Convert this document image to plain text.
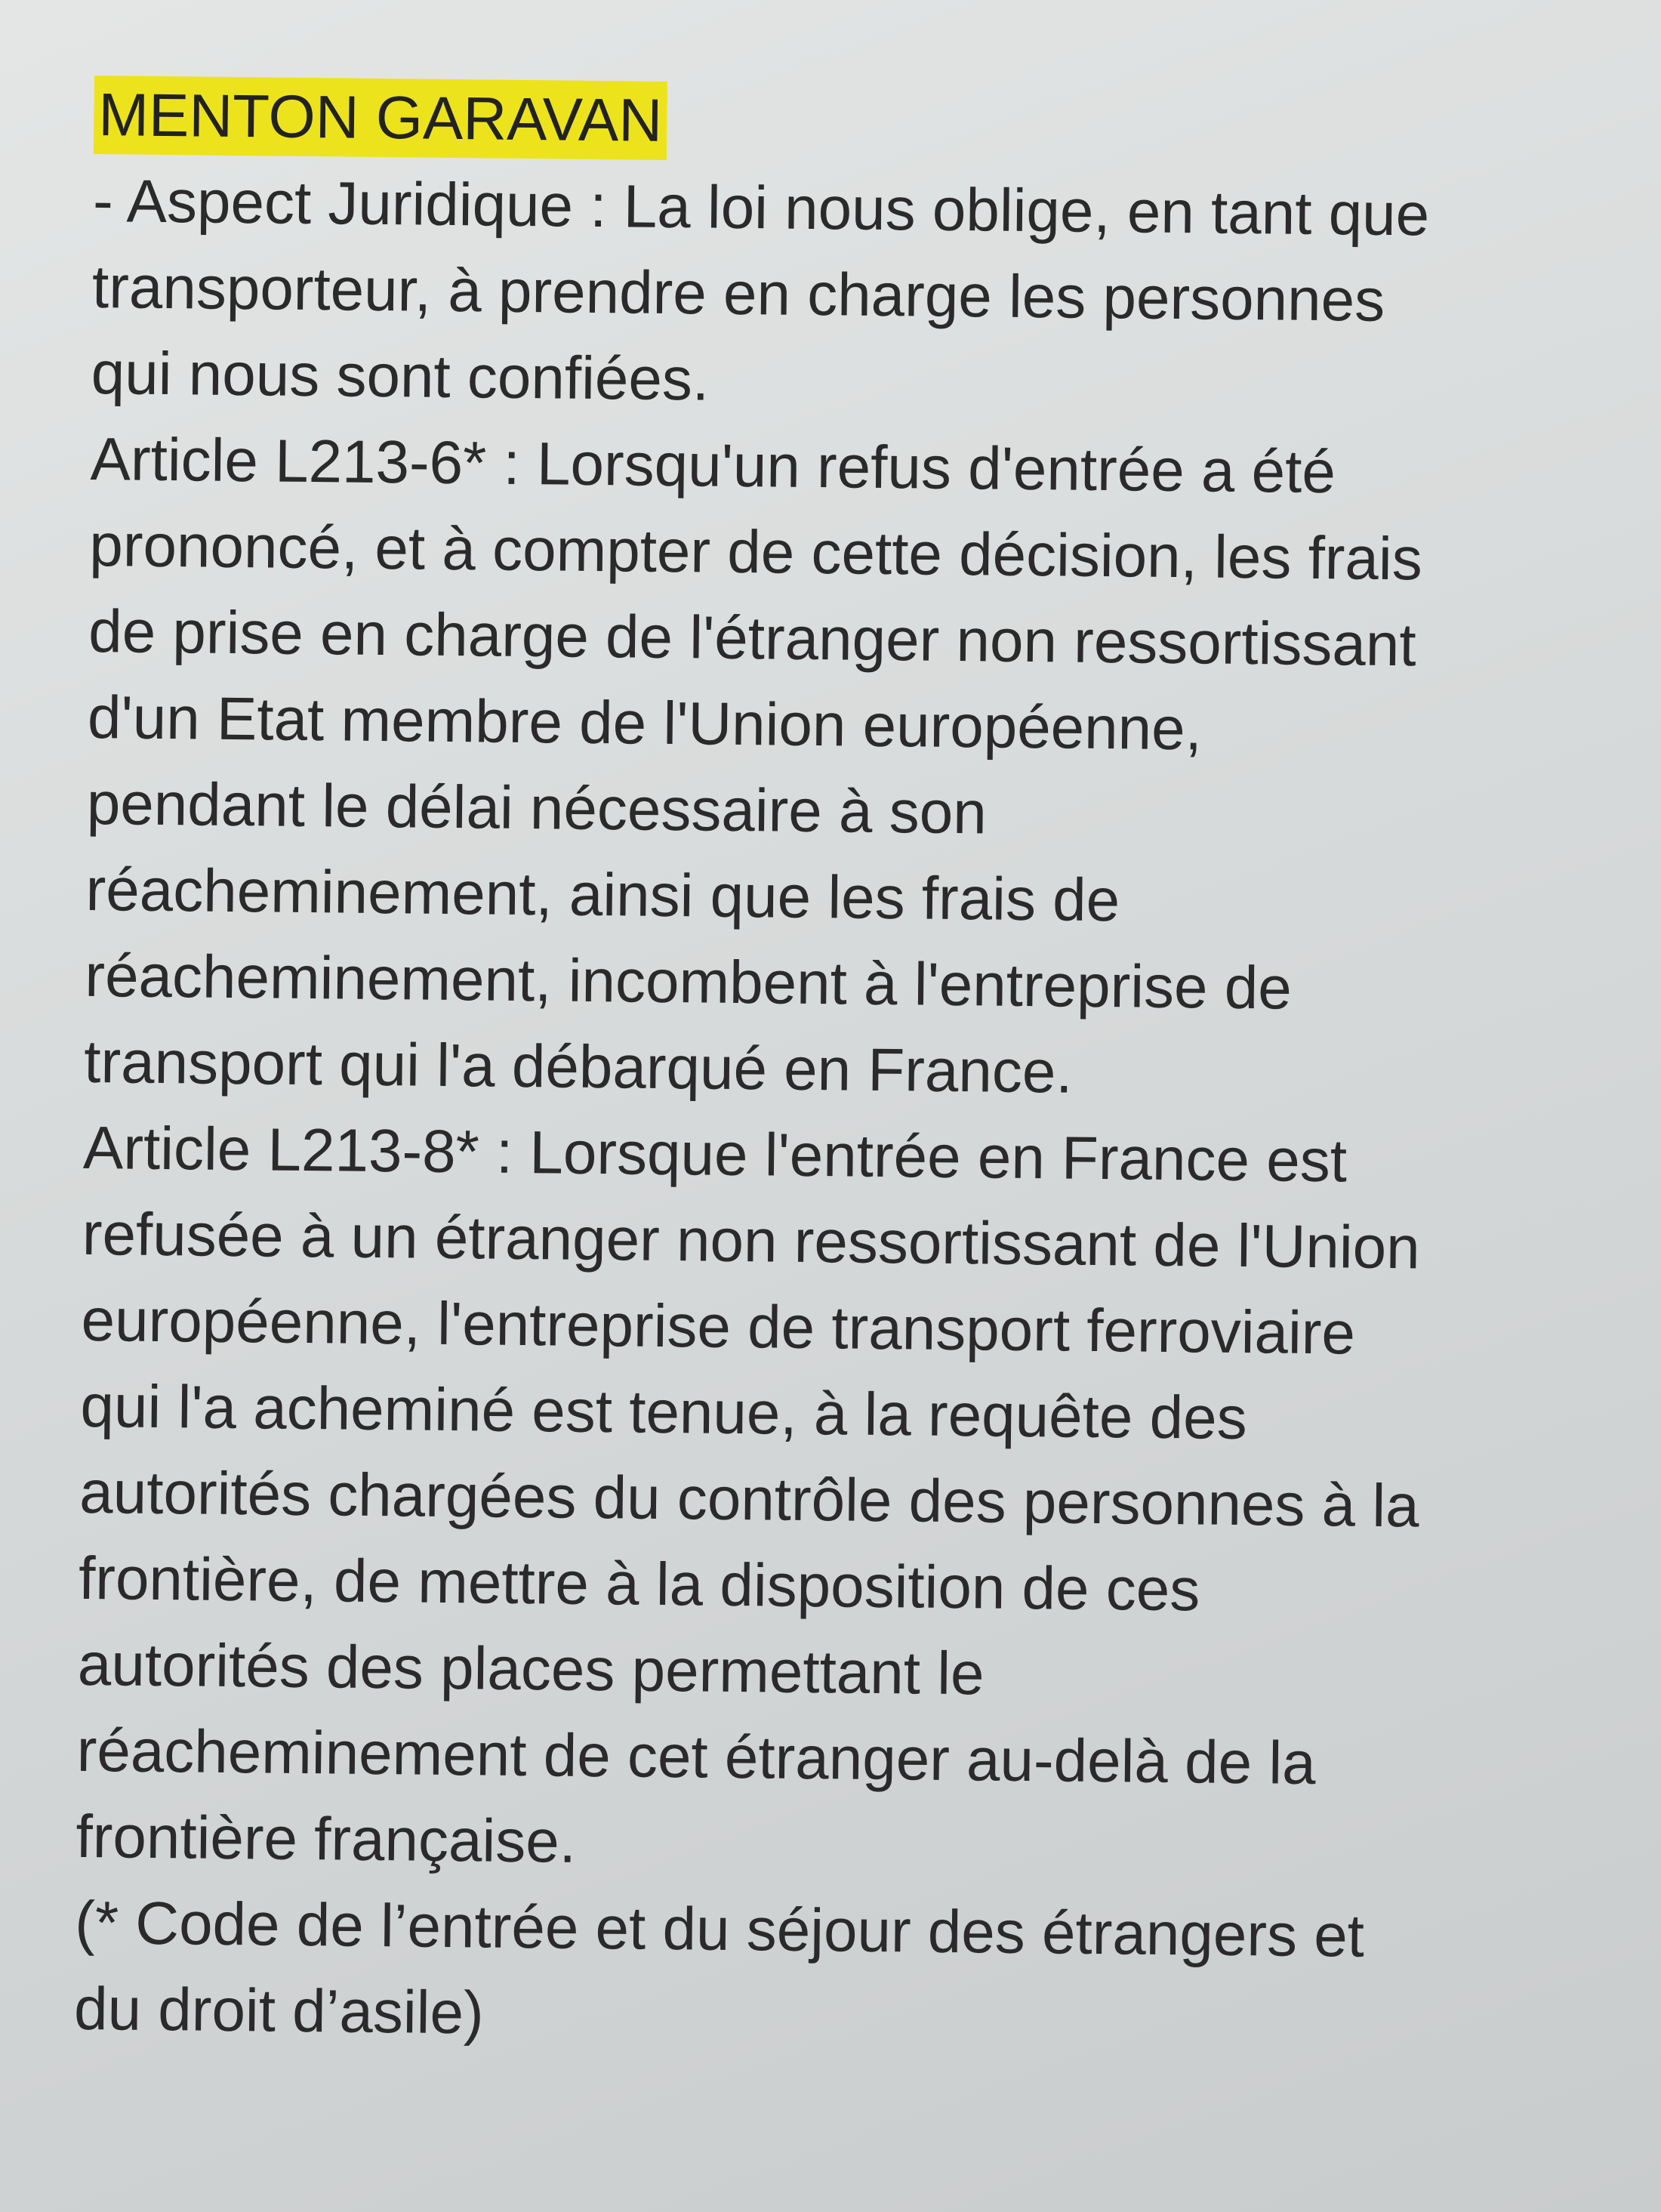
MENTON GARAVAN
- Aspect Juridique : La loi nous oblige, en tant que
transporteur, à prendre en charge les personnes
qui nous sont confiées.
Article L213-6* : Lorsqu'un refus d'entrée a été
prononcé, et à compter de cette décision, les frais
de prise en charge de l'étranger non ressortissant
d'un Etat membre de l'Union européenne,
pendant le délai nécessaire à son
réacheminement, ainsi que les frais de
réacheminement, incombent à l'entreprise de
transport qui l'a débarqué en France.
Article L213-8* : Lorsque l'entrée en France est
refusée à un étranger non ressortissant de l'Union
européenne, l'entreprise de transport ferroviaire
qui l'a acheminé est tenue, à la requête des
autorités chargées du contrôle des personnes à la
frontière, de mettre à la disposition de ces
autorités des places permettant le
réacheminement de cet étranger au-delà de la
frontière française.
(* Code de l’entrée et du séjour des étrangers et
du droit d’asile)
